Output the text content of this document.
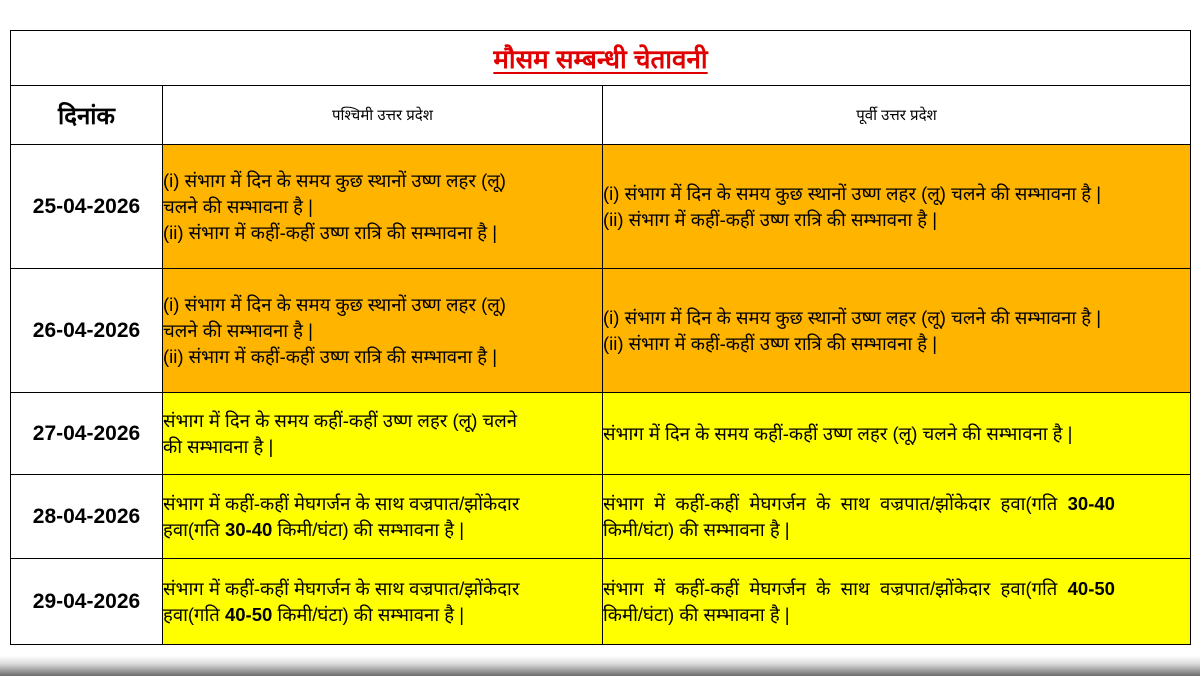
मौसम सम्बन्धी चेतावनी		
दिनांक	पश्चिमी उत्तर प्रदेश	पूर्वी उत्तर प्रदेश
25-04-2026	(i) संभाग में दिन के समय कुछ स्थानों उष्ण लहर (लू)
चलने की सम्भावना है |
(ii) संभाग में कहीं-कहीं उष्ण रात्रि की सम्भावना है |	(i) संभाग में दिन के समय कुछ स्थानों उष्ण लहर (लू) चलने की सम्भावना है |
(ii) संभाग में कहीं-कहीं उष्ण रात्रि की सम्भावना है |

26-04-2026	(i) संभाग में दिन के समय कुछ स्थानों उष्ण लहर (लू)
चलने की सम्भावना है |
(ii) संभाग में कहीं-कहीं उष्ण रात्रि की सम्भावना है |	(i) संभाग में दिन के समय कुछ स्थानों उष्ण लहर (लू) चलने की सम्भावना है |
(ii) संभाग में कहीं-कहीं उष्ण रात्रि की सम्भावना है |

27-04-2026	संभाग में दिन के समय कहीं-कहीं उष्ण लहर (लू) चलने
की सम्भावना है |	संभाग में दिन के समय कहीं-कहीं उष्ण लहर (लू) चलने की सम्भावना है |

28-04-2026	संभाग में कहीं-कहीं मेघगर्जन के साथ वज्रपात/झोंकेदार
हवा(गति 30-40 किमी/घंटा) की सम्भावना है |	संभाग  में  कहीं-कहीं  मेघगर्जन  के  साथ  वज्रपात/झोंकेदार  हवा(गति  30-40
किमी/घंटा) की सम्भावना है |

29-04-2026	संभाग में कहीं-कहीं मेघगर्जन के साथ वज्रपात/झोंकेदार
हवा(गति 40-50 किमी/घंटा) की सम्भावना है |	संभाग  में  कहीं-कहीं  मेघगर्जन  के  साथ  वज्रपात/झोंकेदार  हवा(गति  40-50
किमी/घंटा) की सम्भावना है |
